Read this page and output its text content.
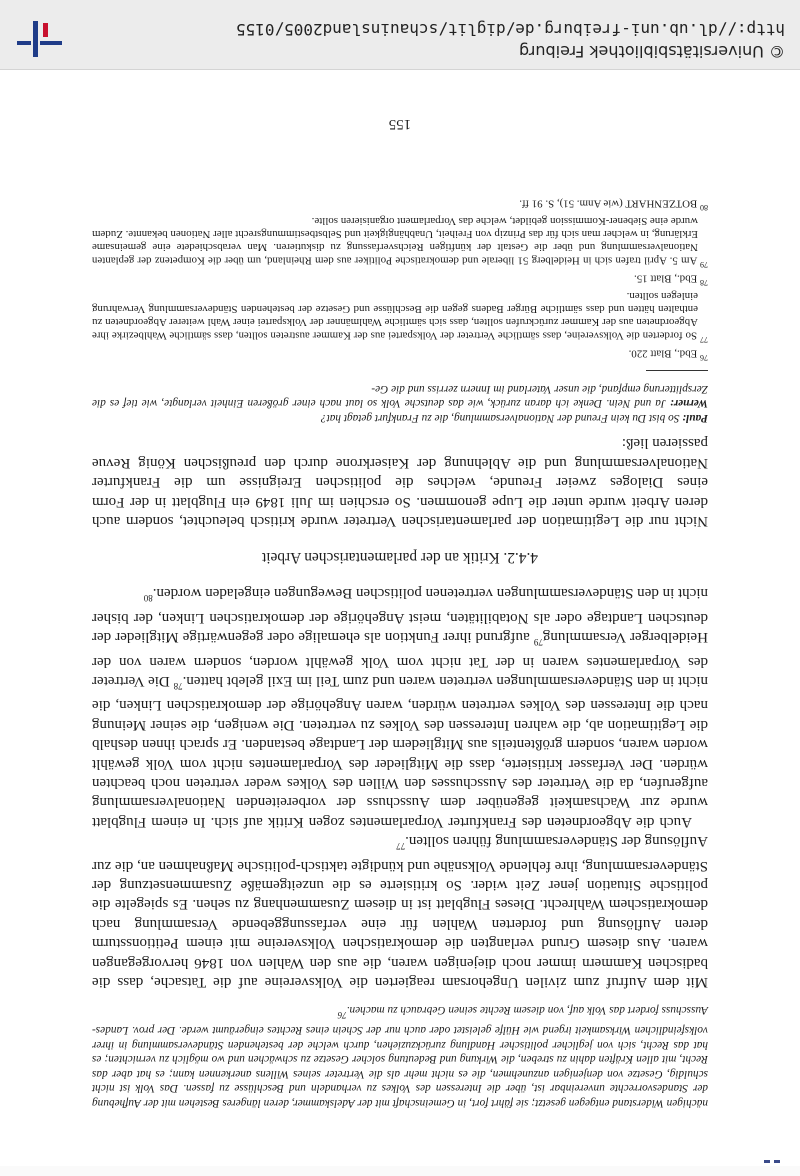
nächigen Widerstand entgegen gesetzt; sie fährt fort, in Gemeinschaft mit der Adelskammer, deren längeres Bestehen mit der Aufhebung der Standesvorrechte unvereinbar ist, über die Interessen des Volkes zu verhandeln und Beschlüsse zu fassen. Das Volk ist nicht schuldig, Gesetze von denjenigen anzunehmen, die es nicht mehr als die Vertreter seines Willens anerkennen kann; es hat aber das Recht, mit allen Kräften dahin zu streben, die Wirkung und Bedeutung solcher Gesetze zu schwächen und wo möglich zu vernichten; es hat das Recht, sich von jeglicher politischer Handlung zurückzuziehen, durch welche der bestehenden Ständeversammlung in ihrer volksfeindlichen Wirksamkeit irgend wie Hülfe geleistet oder auch nur der Schein eines Rechtes eingeräumt werde. Der prov. Landes-Ausschuss fordert das Volk auf, von diesem Rechte seinen Gebrauch zu machen.$^{76}$

Mit dem Aufruf zum zivilen Ungehorsam reagierten die Volksvereine auf die Tatsache, dass die badischen Kammern immer noch diejenigen waren, die aus den Wahlen von 1846 hervorgegangen waren. Aus diesem Grund verlangten die demokratischen Volksvereine mit einem Petitionssturm deren Auflösung und forderten Wahlen für eine verfassunggebende Versammlung nach demokratischem Wahlrecht. Dieses Flugblatt ist in diesem Zusammenhang zu sehen. Es spiegelte die politische Situation jener Zeit wider. So kritisierte es die unzeitgemäße Zusammensetzung der Ständeversammlung, ihre fehlende Volksnähe und kündigte taktisch-politische Maßnahmen an, die zur Auflösung der Ständeversammlung führen sollten.$^{77}$

Auch die Abgeordneten des Frankfurter Vorparlamentes zogen Kritik auf sich. In einem Flugblatt wurde zur Wachsamkeit gegenüber dem Ausschuss der vorbereitenden Nationalversammlung aufgerufen, da die Vertreter des Ausschusses den Willen des Volkes weder vertreten noch beachten würden. Der Verfasser kritisierte, dass die Mitglieder des Vorparlamentes nicht vom Volk gewählt worden waren, sondern größtenteils aus Mitgliedern der Landtage bestanden. Er sprach ihnen deshalb die Legitimation ab, die wahren Interessen des Volkes zu vertreten. Die wenigen, die seiner Meinung nach die Interessen des Volkes vertreten würden, waren Angehörige der demokratischen Linken, die nicht in den Ständeversammlungen vertreten waren und zum Teil im Exil gelebt hatten.$^{78}$ Die Vertreter des Vorparlamentes waren in der Tat nicht vom Volk gewählt worden, sondern waren von der Heidelberger Versammlung$^{79}$ aufgrund ihrer Funktion als ehemalige oder gegenwärtige Mitglieder der deutschen Landtage oder als Notabilitäten, meist Angehörige der demokratischen Linken, der bisher nicht in den Ständeversammlungen vertretenen politischen Bewegungen eingeladen worden.$^{80}$

4.4.2. Kritik an der parlamentarischen Arbeit

Nicht nur die Legitimation der parlamentarischen Vertreter wurde kritisch beleuchtet, sondern auch deren Arbeit wurde unter die Lupe genommen. So erschien im Juli 1849 ein Flugblatt in der Form eines Dialoges zweier Freunde, welches die politischen Ereignisse um die Frankfurter Nationalversammlung und die Ablehnung der Kaiserkrone durch den preußischen König Revue passieren ließ:

Paul: So bist Du kein Freund der Nationalversammlung, die zu Frankfurt getagt hat?

Werner: Ja und Nein. Denke ich daran zurück, wie das deutsche Volk so laut nach einer größeren Einheit verlangte, wie tief es die Zersplitterung empfand, die unser Vaterland im Innern zerriss und die Ge-

$^{76}$ Ebd., Blatt 220.

$^{77}$ So forderten die Volksvereine, dass sämtliche Vertreter der Volkspartei aus der Kammer austreten sollten, dass sämtliche Wahlbezirke ihre Abgeordneten aus der Kammer zurückrufen sollten, dass sich sämtliche Wahlmänner der Volkspartei einer Wahl weiterer Abgeordneten zu enthalten hätten und dass sämtliche Bürger Badens gegen die Beschlüsse und Gesetze der bestehenden Ständeversammlung Verwahrung einlegen sollten.

$^{78}$ Ebd., Blatt 15.

$^{79}$ Am 5. April trafen sich in Heidelberg 51 liberale und demokratische Politiker aus dem Rheinland, um über die Kompetenz der geplanten Nationalversammlung und über die Gestalt der künftigen Reichsverfassung zu diskutieren. Man verabschiedete eine gemeinsame Erklärung, in welcher man sich für das Prinzip von Freiheit, Unabhängigkeit und Selbstbestimmungsrecht aller Nationen bekannte. Zudem wurde eine Siebener-Kommission gebildet, welche das Vorparlament organisieren sollte.

$^{80}$ BOTZENHART (wie Anm. 51), S. 91 ff.

155
© Universitätsbibliothek Freiburg
http://dl.ub.uni-freiburg.de/diglit/schauinsland2005/0155
